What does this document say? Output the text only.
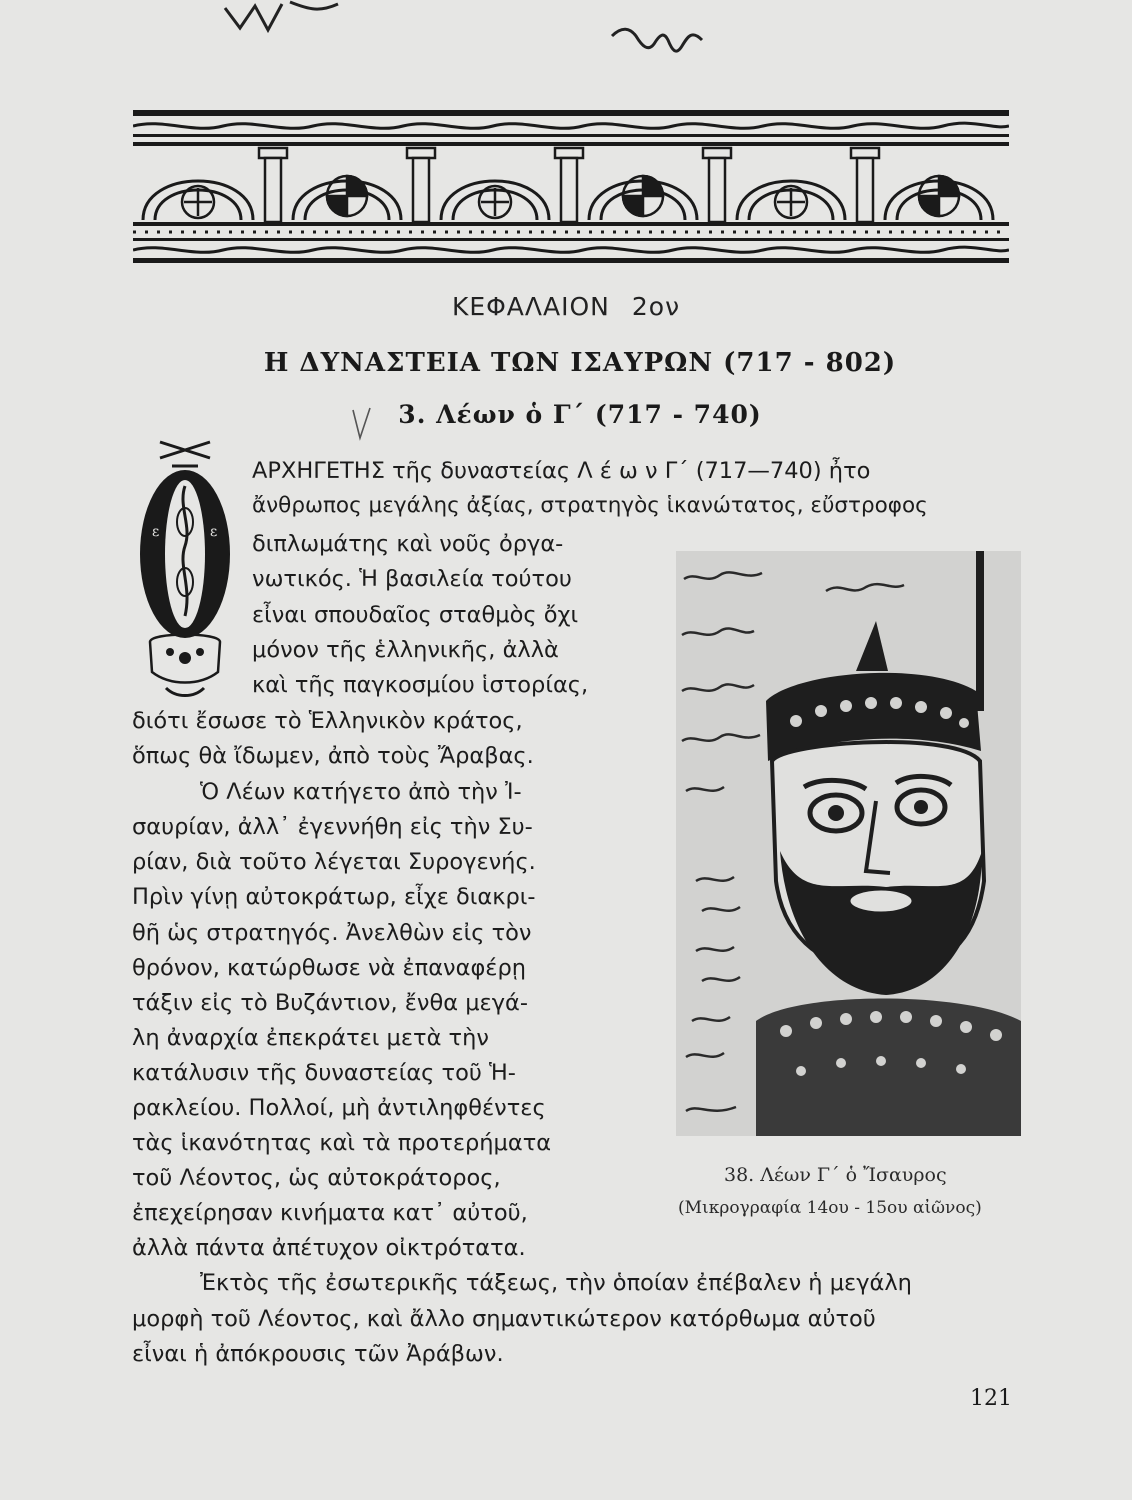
ΚΕΦΑΛΑΙΟΝ 2ον
Η ΔΥΝΑΣΤΕΙΑ ΤΩΝ ΙΣΑΥΡΩΝ (717 - 802)
3. Λέων ὁ Γ΄ (717 - 740)
ε	ε
ΑΡΧΗΓΕΤΗΣ τῆς δυναστείας Λ έ ω ν Γ΄ (717—740) ἦτο
ἄνθρωπος μεγάλης ἀξίας, στρατηγὸς ἱκανώτατος, εὔστροφος
διπλωμάτης καὶ νοῦς ὀργα-
νωτικός. Ἡ βασιλεία τούτου
εἶναι σπουδαῖος σταθμὸς ὄχι
μόνον τῆς ἑλληνικῆς, ἀλλὰ
καὶ τῆς παγκοσμίου ἱστορίας,
διότι ἔσωσε τὸ Ἑλληνικὸν κράτος,
ὅπως θὰ ἴδωμεν, ἀπὸ τοὺς Ἄραβας.
Ὁ Λέων κατήγετο ἀπὸ τὴν Ἰ-
σαυρίαν, ἀλλ᾿ ἐγεννήθη εἰς τὴν Συ-
ρίαν, διὰ τοῦτο λέγεται Συρογενής.
Πρὶν γίνῃ αὐτοκράτωρ, εἶχε διακρι-
θῆ ὡς στρατηγός. Ἀνελθὼν εἰς τὸν
θρόνον, κατώρθωσε νὰ ἐπαναφέρῃ
τάξιν εἰς τὸ Βυζάντιον, ἔνθα μεγά-
λη ἀναρχία ἐπεκράτει μετὰ τὴν
κατάλυσιν τῆς δυναστείας τοῦ Ἡ-
ρακλείου. Πολλοί, μὴ ἀντιληφθέντες
τὰς ἱκανότητας καὶ τὰ προτερήματα
τοῦ Λέοντος, ὡς αὐτοκράτορος,
ἐπεχείρησαν κινήματα κατ᾿ αὐτοῦ,
ἀλλὰ πάντα ἀπέτυχον οἰκτρότατα.
Ἐκτὸς τῆς ἐσωτερικῆς τάξεως, τὴν ὁποίαν ἐπέβαλεν ἡ μεγάλη
μορφὴ τοῦ Λέοντος, καὶ ἄλλο σημαντικώτερον κατόρθωμα αὐτοῦ
εἶναι ἡ ἀπόκρουσις τῶν Ἀράβων.
38. Λέων Γ΄ ὁ Ἴσαυρος
(Μικρογραφία 14ου - 15ου αἰῶνος)
121
